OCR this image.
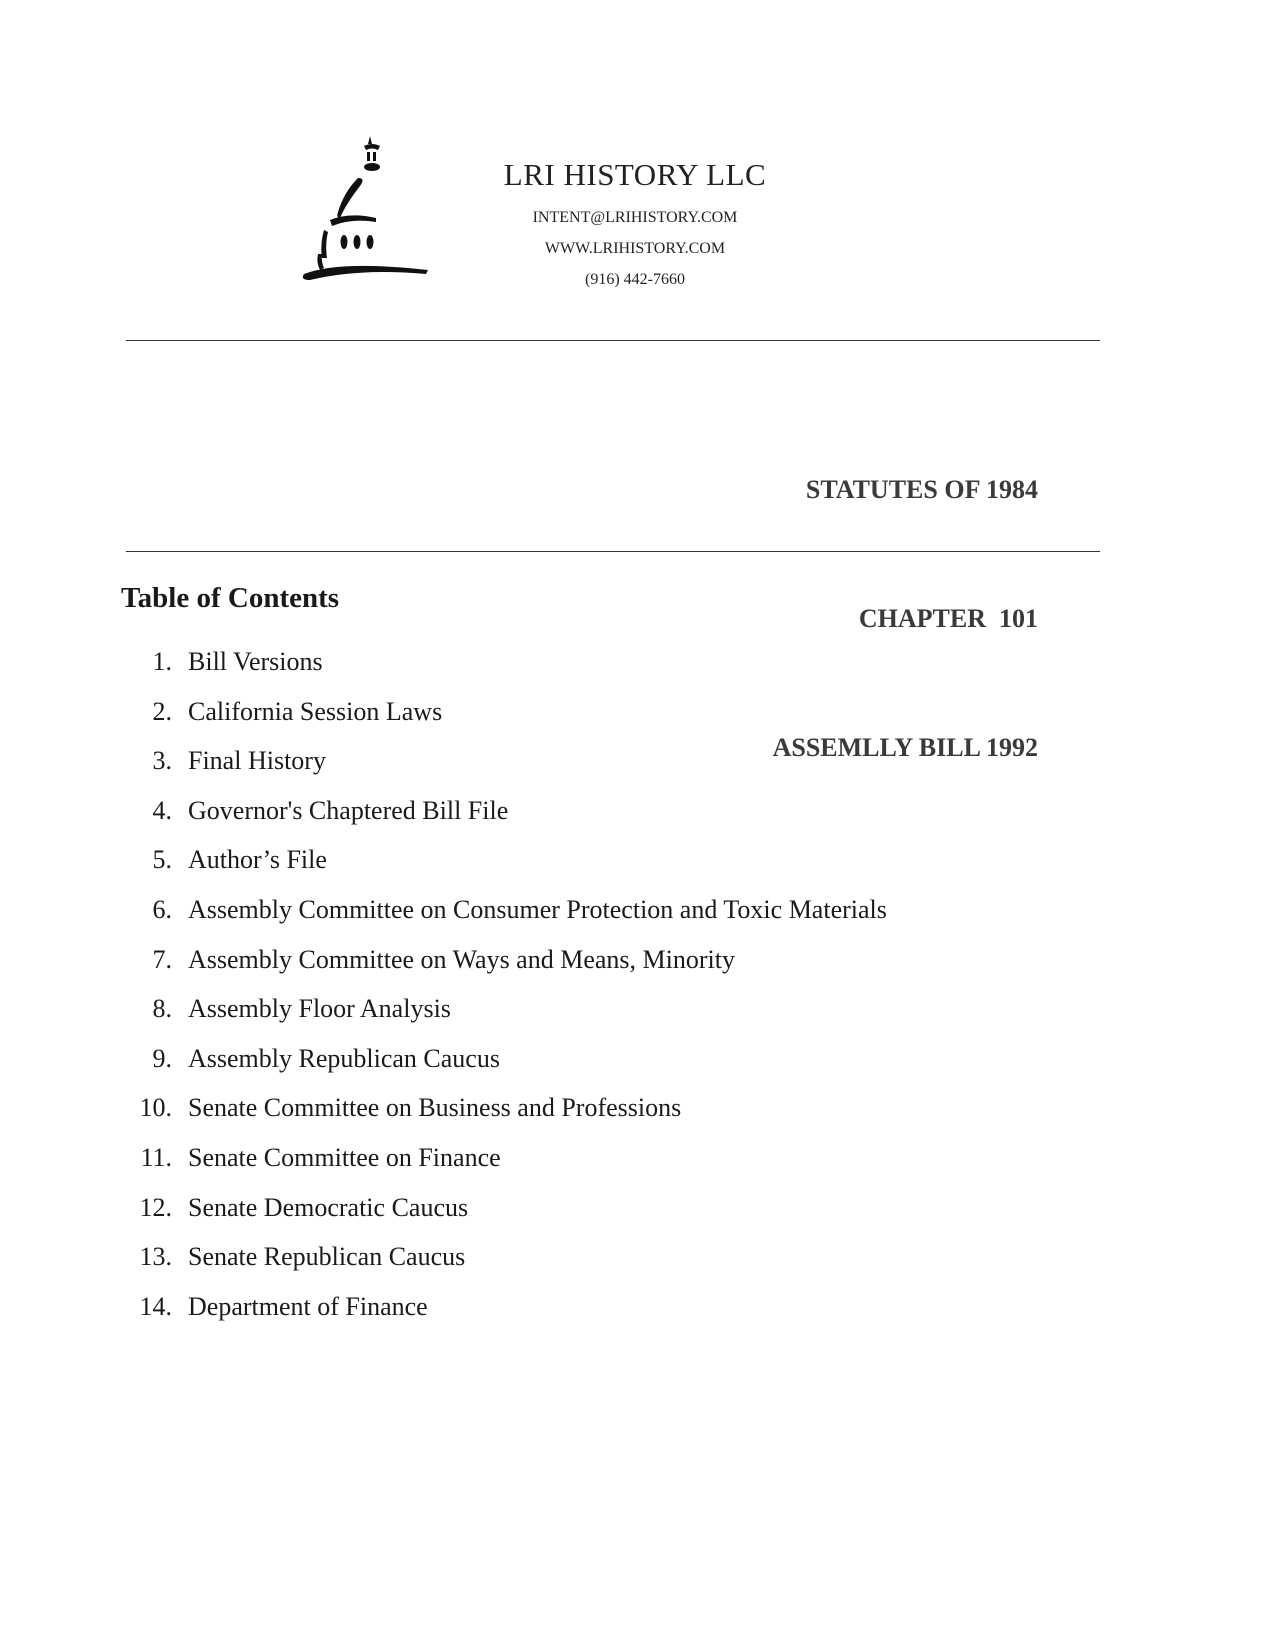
LRI HISTORY LLC
INTENT@LRIHISTORY.COM
WWW.LRIHISTORY.COM
(916) 442-7660

STATUTES OF 1984

CHAPTER  101

ASSEMLLY BILL 1992

Table of Contents
1. Bill Versions
2. California Session Laws
3. Final History
4. Governor's Chaptered Bill File
5. Author’s File
6. Assembly Committee on Consumer Protection and Toxic Materials
7. Assembly Committee on Ways and Means, Minority
8. Assembly Floor Analysis
9. Assembly Republican Caucus
10. Senate Committee on Business and Professions
11. Senate Committee on Finance
12. Senate Democratic Caucus
13. Senate Republican Caucus
14. Department of Finance
